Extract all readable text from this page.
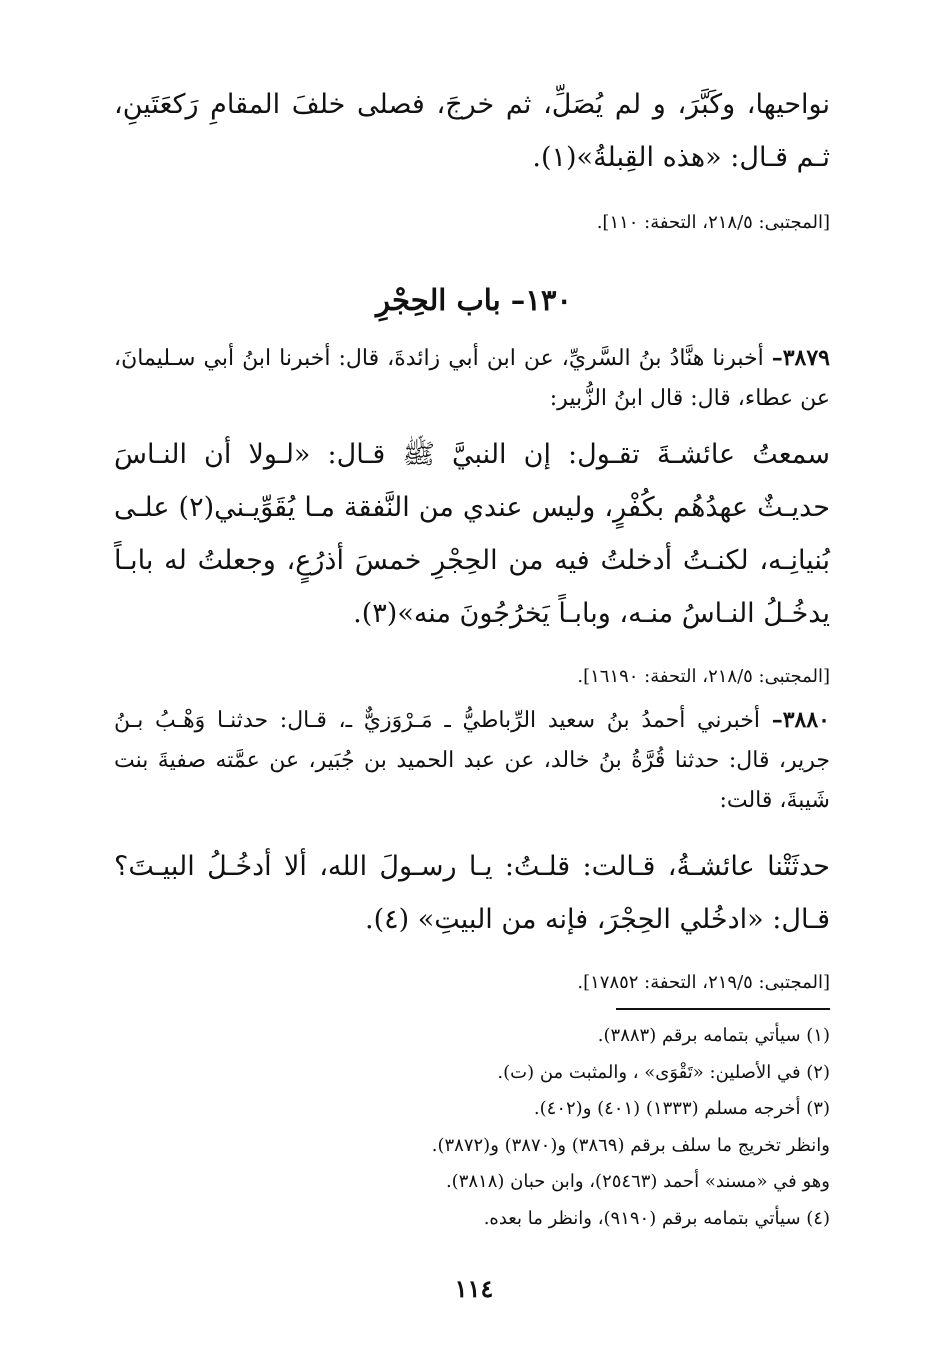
نواحيها، وكَبَّرَ، و لم يُصَلِّ، ثم خرجَ، فصلى خلفَ المقامِ رَكعَتَينِ، ثـم قـال: «هذه القِبلةُ»(١).

[المجتبى: ٢١٨/٥، التحفة: ١١٠].

١٣٠– باب الحِجْرِ

٣٨٧٩– أخبرنا هنَّادُ بنُ السَّريِّ، عن ابن أبي زائدةَ، قال: أخبرنا ابنُ أبي سـليمانَ، عن عطاء، قال: قال ابنُ الزُّبير:

سمعتُ عائشـةَ تقـول: إن النبيَّ ﷺ قـال: «لـولا أن النـاسَ حديـثٌ عهدُهُم بكُفْرٍ، وليس عندي من النَّفقة مـا يُقَوِّيـني(٢) علـى بُنيانِـه، لكنـتُ أدخلتُ فيه من الحِجْرِ خمسَ أذرُعٍ، وجعلتُ له بابـاً يدخُـلُ النـاسُ منـه، وبابـاً يَخرُجُونَ منه»(٣).

[المجتبى: ٢١٨/٥، التحفة: ١٦١٩٠].

٣٨٨٠– أخبرني أحمدُ بنُ سعيد الرِّباطيُّ ـ مَـرْوَزيٌّ ـ، قـال: حدثنـا وَهْـبُ بـنُ جرير، قال: حدثنا قُرَّةُ بنُ خالد، عن عبد الحميد بن جُبَير، عن عمَّته صفيةَ بنت شَيبةَ، قالت:

حدثَتْنا عائشـةُ، قـالت: قلـتُ: يـا رسـولَ الله، ألا أدخُـلُ البيـتَ؟ قـال: «ادخُلي الحِجْرَ، فإنه من البيتِ» (٤).

[المجتبى: ٢١٩/٥، التحفة: ١٧٨٥٢].

(١) سيأتي بتمامه برقم (٣٨٨٣).
(٢) في الأصلين: «تَقْوَى» ، والمثبت من (ت).
(٣) أخرجه مسلم (١٣٣٣) (٤٠١) و(٤٠٢).
وانظر تخريج ما سلف برقم (٣٨٦٩) و(٣٨٧٠) و(٣٨٧٢).
وهو في «مسند» أحمد (٢٥٤٦٣)، وابن حبان (٣٨١٨).
(٤) سيأتي بتمامه برقم (٩١٩٠)، وانظر ما بعده.
١١٤
